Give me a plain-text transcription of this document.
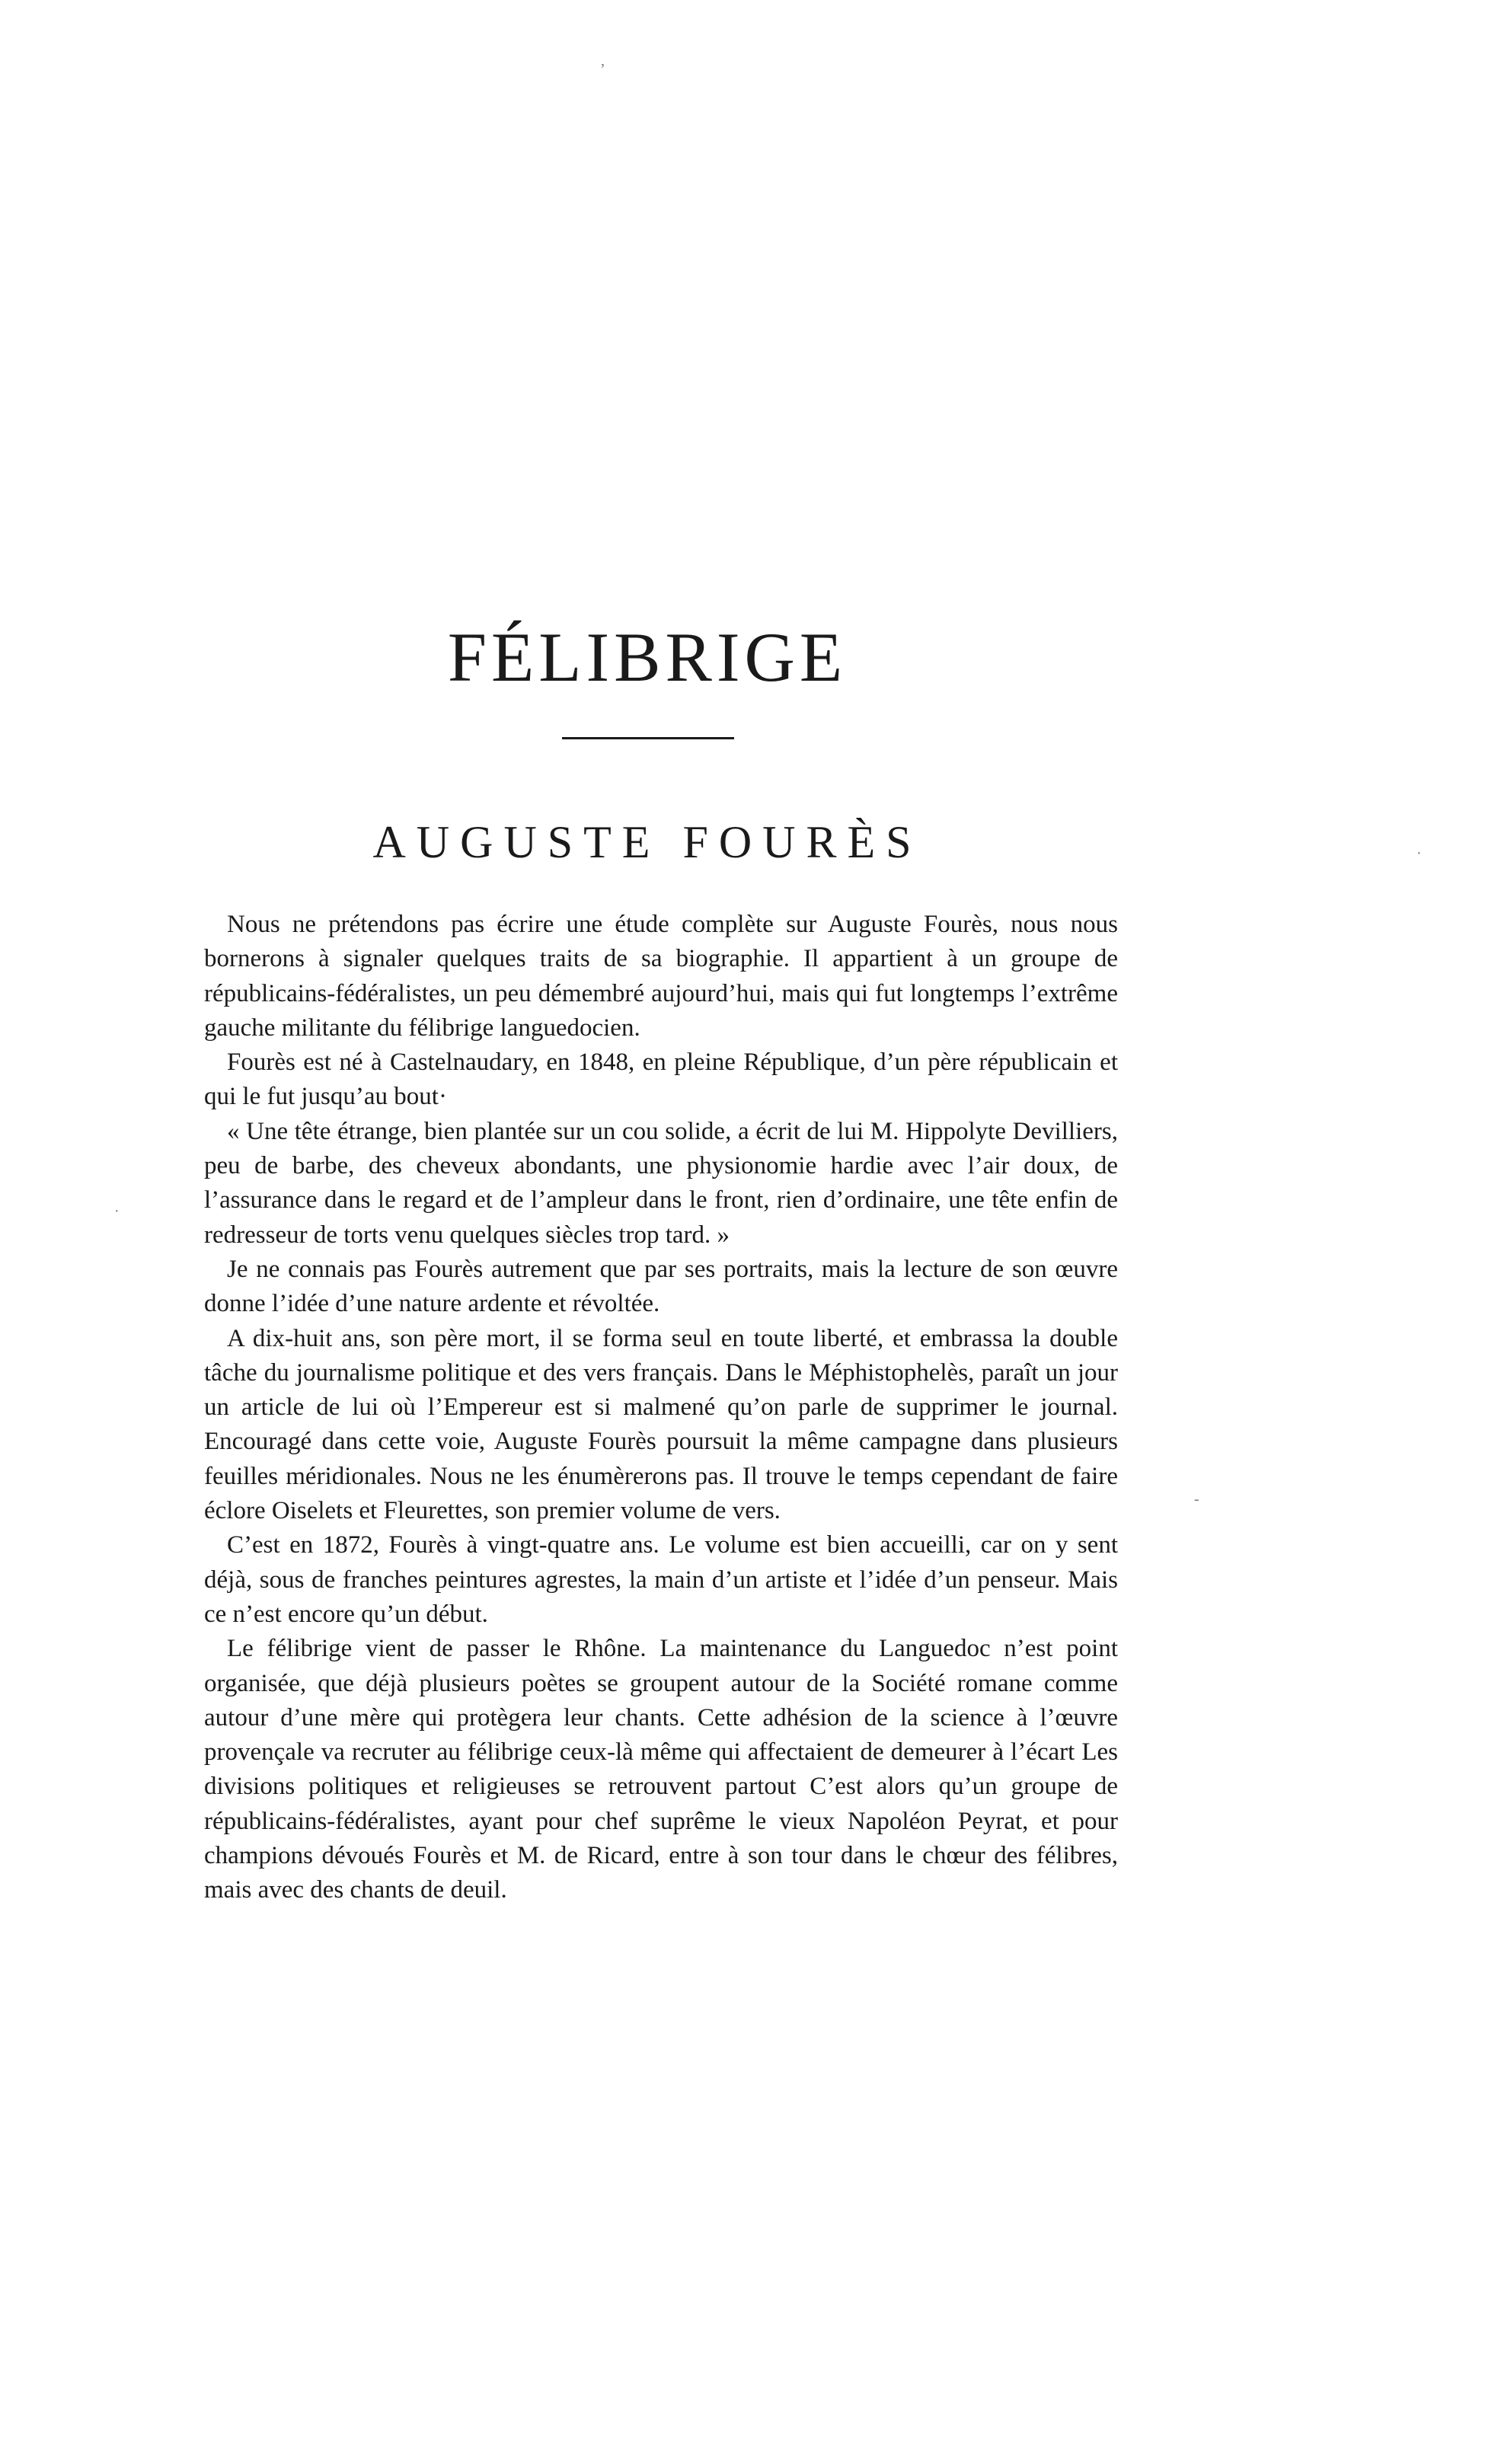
FÉLIBRIGE
AUGUSTE FOURÈS

Nous ne prétendons pas écrire une étude complète sur Auguste Fourès, nous nous bornerons à signaler quelques traits de sa biographie. Il appartient à un groupe de républicains-fédéralistes, un peu démembré aujourd’hui, mais qui fut longtemps l’extrême gauche militante du félibrige languedocien.

Fourès est né à Castelnaudary, en 1848, en pleine République, d’un père républicain et qui le fut jusqu’au bout·

« Une tête étrange, bien plantée sur un cou solide, a écrit de lui M. Hippolyte Devilliers, peu de barbe, des cheveux abondants, une physionomie hardie avec l’air doux, de l’assurance dans le regard et de l’ampleur dans le front, rien d’ordinaire, une tête enfin de redresseur de torts venu quelques siècles trop tard. »

Je ne connais pas Fourès autrement que par ses portraits, mais la lecture de son œuvre donne l’idée d’une nature ardente et révoltée.

A dix-huit ans, son père mort, il se forma seul en toute liberté, et embrassa la double tâche du journalisme politique et des vers français. Dans le Méphistophelès, paraît un jour un article de lui où l’Empereur est si malmené qu’on parle de supprimer le journal. Encouragé dans cette voie, Auguste Fourès poursuit la même campagne dans plusieurs feuilles méridionales. Nous ne les énumèrerons pas. Il trouve le temps cependant de faire éclore Oiselets et Fleurettes, son premier volume de vers.

C’est en 1872, Fourès à vingt-quatre ans. Le volume est bien accueilli, car on y sent déjà, sous de franches peintures agrestes, la main d’un artiste et l’idée d’un penseur. Mais ce n’est encore qu’un début.

Le félibrige vient de passer le Rhône. La maintenance du Languedoc n’est point organisée, que déjà plusieurs poètes se groupent autour de la Société romane comme autour d’une mère qui protègera leur chants. Cette adhésion de la science à l’œuvre provençale va recruter au félibrige ceux-là même qui affectaient de demeurer à l’écart Les divisions politiques et religieuses se retrouvent partout C’est alors qu’un groupe de républicains-fédéralistes, ayant pour chef suprême le vieux Napoléon Peyrat, et pour champions dévoués Fourès et M. de Ricard, entre à son tour dans le chœur des félibres, mais avec des chants de deuil.

’
·
-
·
